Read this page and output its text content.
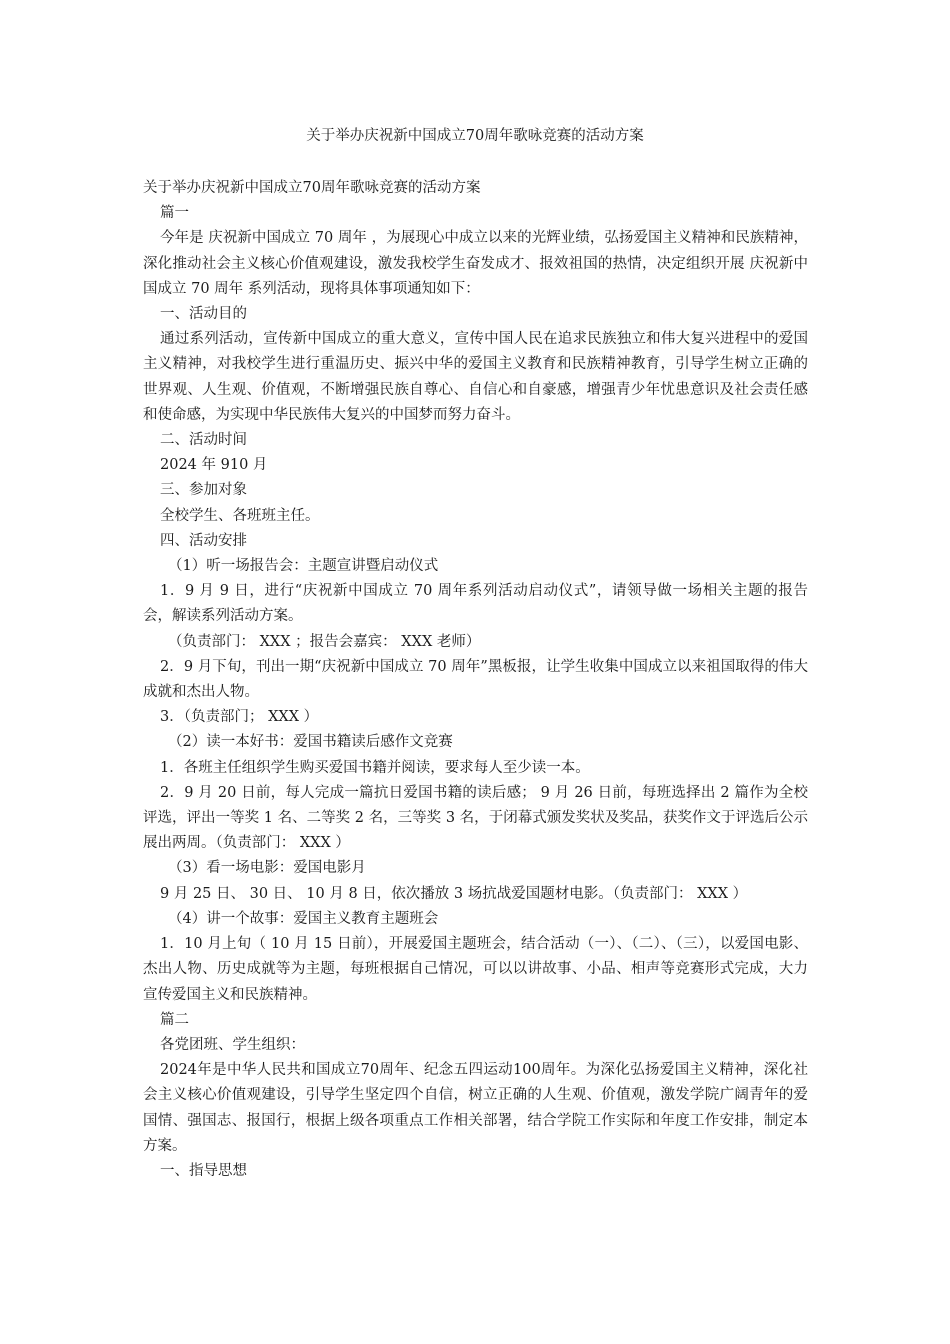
关于举办庆祝新中国成立70周年歌咏竞赛的活动方案
关于举办庆祝新中国成立70周年歌咏竞赛的活动方案
篇一
今年是 庆祝新中国成立 70 周年 ，为展现心中成立以来的光辉业绩，弘扬爱国主义精神和民族精神，深化推动社会主义核心价值观建设，激发我校学生奋发成才、报效祖国的热情，决定组织开展 庆祝新中国成立 70 周年 系列活动，现将具体事项通知如下：
一、活动目的
通过系列活动，宣传新中国成立的重大意义，宣传中国人民在追求民族独立和伟大复兴进程中的爱国主义精神，对我校学生进行重温历史、振兴中华的爱国主义教育和民族精神教育，引导学生树立正确的世界观、人生观、价值观，不断增强民族自尊心、自信心和自豪感，增强青少年忧患意识及社会责任感和使命感，为实现中华民族伟大复兴的中国梦而努力奋斗。
二、活动时间
2024 年 910 月
三、参加对象
全校学生、各班班主任。
四、活动安排
（1）听一场报告会：主题宣讲暨启动仪式
1．9 月 9 日，进行“庆祝新中国成立 70 周年系列活动启动仪式”，请领导做一场相关主题的报告会，解读系列活动方案。
（负责部门： XXX ；报告会嘉宾： XXX 老师）
2．9 月下旬，刊出一期“庆祝新中国成立 70 周年”黑板报，让学生收集中国成立以来祖国取得的伟大成就和杰出人物。
3．（负责部门； XXX ）
（2）读一本好书：爱国书籍读后感作文竞赛
1．各班主任组织学生购买爱国书籍并阅读，要求每人至少读一本。
2．9 月 20 日前，每人完成一篇抗日爱国书籍的读后感； 9 月 26 日前，每班选择出 2 篇作为全校评选，评出一等奖 1 名、二等奖 2 名，三等奖 3 名，于闭幕式颁发奖状及奖品，获奖作文于评选后公示展出两周。（负责部门： XXX ）
（3）看一场电影：爱国电影月
9 月 25 日、 30 日、 10 月 8 日，依次播放 3 场抗战爱国题材电影。（负责部门： XXX ）
（4）讲一个故事：爱国主义教育主题班会
1．10 月上旬（ 10 月 15 日前），开展爱国主题班会，结合活动（一）、（二）、（三），以爱国电影、杰出人物、历史成就等为主题，每班根据自己情况，可以以讲故事、小品、相声等竞赛形式完成，大力宣传爱国主义和民族精神。
篇二
各党团班、学生组织：
2024年是中华人民共和国成立70周年、纪念五四运动100周年。为深化弘扬爱国主义精神，深化社会主义核心价值观建设，引导学生坚定四个自信，树立正确的人生观、价值观，激发学院广阔青年的爱国情、强国志、报国行，根据上级各项重点工作相关部署，结合学院工作实际和年度工作安排，制定本方案。
一、指导思想
